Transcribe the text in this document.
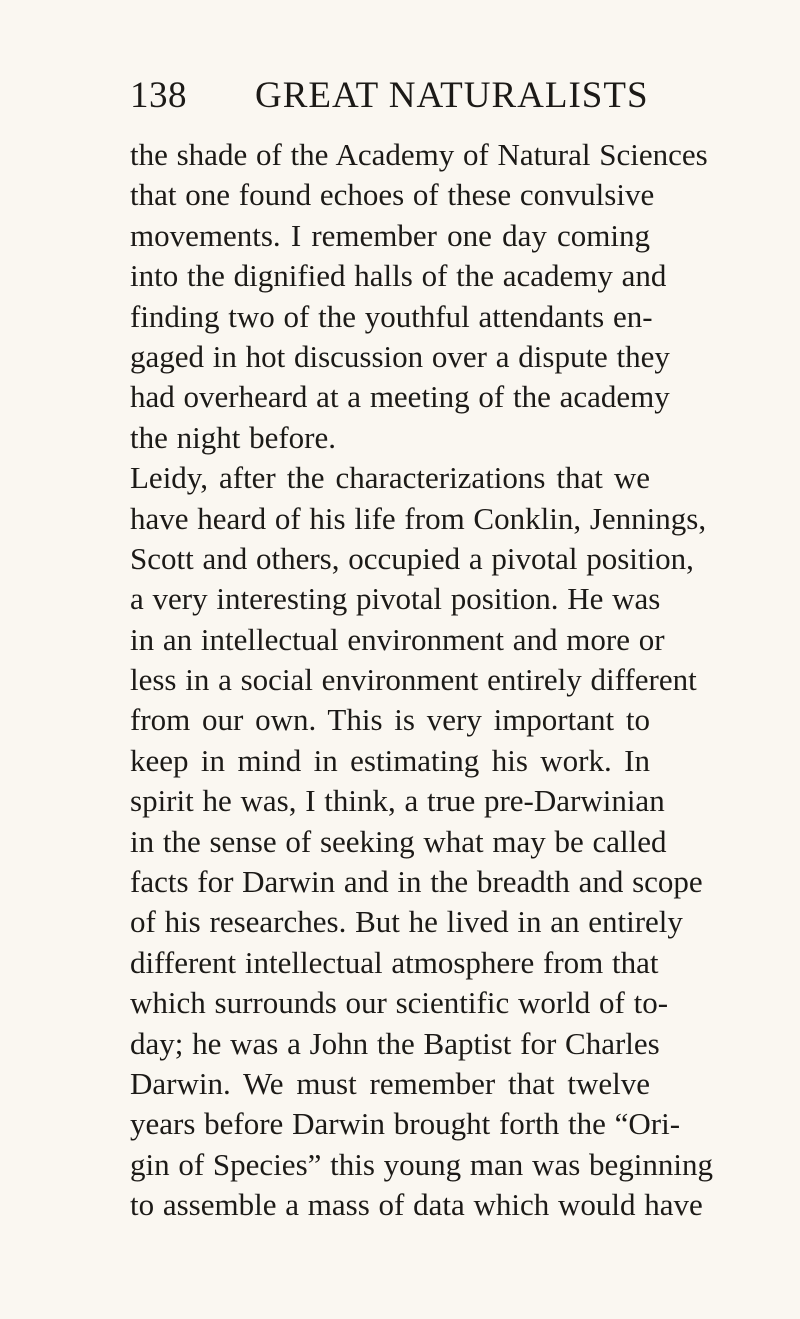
138 GREAT NATURALISTS
the shade of the Academy of Natural Sciences
that one found echoes of these convulsive
movements. I remember one day coming
into the dignified halls of the academy and
finding two of the youthful attendants en-
gaged in hot discussion over a dispute they
had overheard at a meeting of the academy
the night before.
Leidy, after the characterizations that we
have heard of his life from Conklin, Jennings,
Scott and others, occupied a pivotal position,
a very interesting pivotal position. He was
in an intellectual environment and more or
less in a social environment entirely different
from our own. This is very important to
keep in mind in estimating his work. In
spirit he was, I think, a true pre-Darwinian
in the sense of seeking what may be called
facts for Darwin and in the breadth and scope
of his researches. But he lived in an entirely
different intellectual atmosphere from that
which surrounds our scientific world of to-
day; he was a John the Baptist for Charles
Darwin. We must remember that twelve
years before Darwin brought forth the “Ori-
gin of Species” this young man was beginning
to assemble a mass of data which would have
